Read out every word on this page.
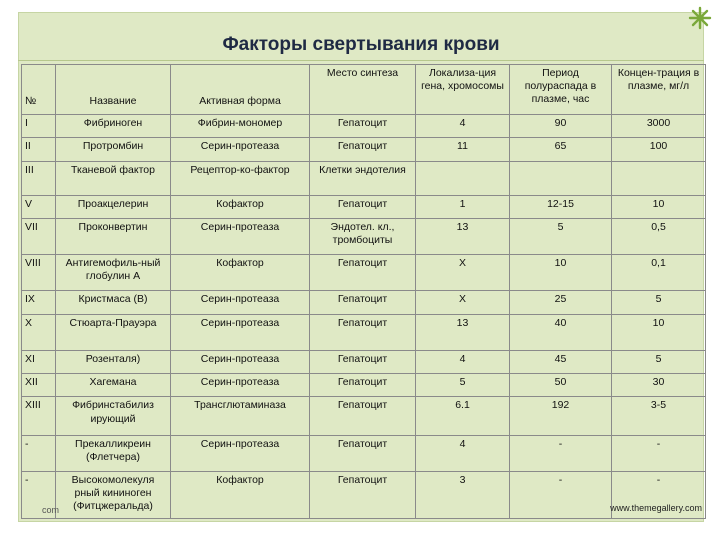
Факторы свертывания крови
№	Название	Активная форма	Место синтеза	Локализа-ция гена, хромосомы	Период полураспада в плазме, час	Концен-трация в плазме, мг/л
I	Фибриноген	Фибрин-мономер	Гепатоцит	4	90	3000
II	Протромбин	Серин-протеаза	Гепатоцит	11	65	100
III	Тканевой фактор	Рецептор-ко-фактор	Клетки эндотелия			
V	Проакцелерин	Кофактор	Гепатоцит	1	12-15	10
VII	Проконвертин	Серин-протеаза	Эндотел. кл., тромбоциты	13	5	0,5
VIII	Антигемофиль-ный глобулин А	Кофактор	Гепатоцит	X	10	0,1
IX	Кристмаса (В)	Серин-протеаза	Гепатоцит	X	25	5
X	Стюарта-Прауэра	Серин-протеаза	Гепатоцит	13	40	10
XI	Розенталя)	Серин-протеаза	Гепатоцит	4	45	5
XII	Хагемана	Серин-протеаза	Гепатоцит	5	50	30
XIII	Фибринстабилиз ирующий	Трансглютаминаза	Гепатоцит	6.1	192	3-5
-	Прекалликреин (Флетчера)	Серин-протеаза	Гепатоцит	4	-	-
-	Высокомолекуля рный кининоген (Фитцжеральда)	Кофактор	Гепатоцит	3	-	-
com	www.themegallery.com
